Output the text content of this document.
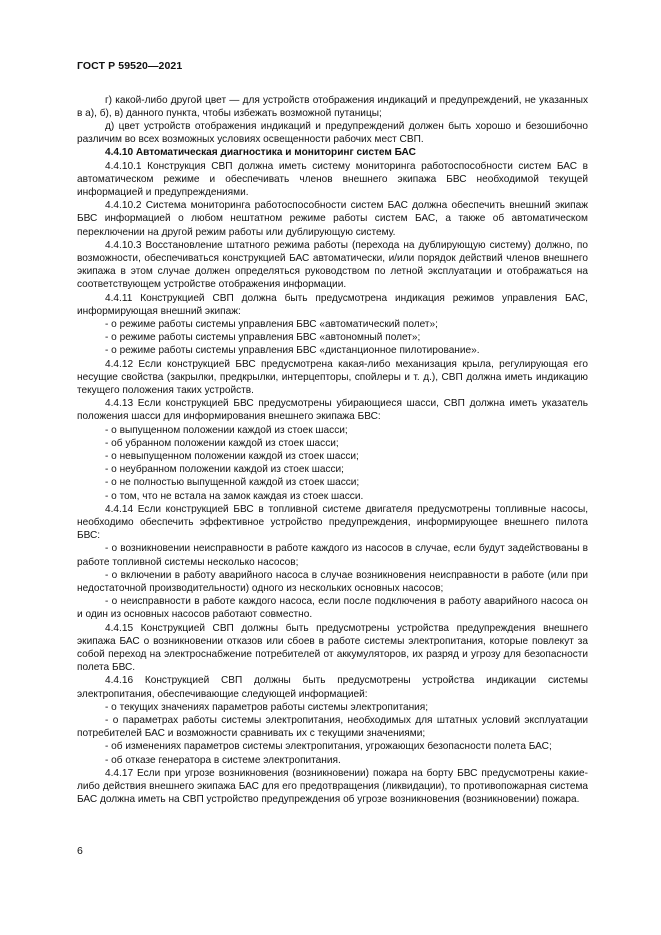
ГОСТ Р 59520—2021

г) какой-либо другой цвет — для устройств отображения индикаций и предупреждений, не указанных в а), б), в) данного пункта, чтобы избежать возможной путаницы;

д) цвет устройств отображения индикаций и предупреждений должен быть хорошо и безошибочно различим во всех возможных условиях освещенности рабочих мест СВП.

4.4.10 Автоматическая диагностика и мониторинг систем БАС

4.4.10.1 Конструкция СВП должна иметь систему мониторинга работоспособности систем БАС в автоматическом режиме и обеспечивать членов внешнего экипажа БВС необходимой текущей информацией и предупреждениями.

4.4.10.2 Система мониторинга работоспособности систем БАС должна обеспечить внешний экипаж БВС информацией о любом нештатном режиме работы систем БАС, а также об автоматическом переключении на другой режим работы или дублирующую систему.

4.4.10.3 Восстановление штатного режима работы (перехода на дублирующую систему) должно, по возможности, обеспечиваться конструкцией БАС автоматически, и/или порядок действий членов внешнего экипажа в этом случае должен определяться руководством по летной эксплуатации и отображаться на соответствующем устройстве отображения информации.

4.4.11 Конструкцией СВП должна быть предусмотрена индикация режимов управления БАС, информирующая внешний экипаж:

- о режиме работы системы управления БВС «автоматический полет»;

- о режиме работы системы управления БВС «автономный полет»;

- о режиме работы системы управления БВС «дистанционное пилотирование».

4.4.12 Если конструкцией БВС предусмотрена какая-либо механизация крыла, регулирующая его несущие свойства (закрылки, предкрылки, интерцепторы, спойлеры и т. д.), СВП должна иметь индикацию текущего положения таких устройств.

4.4.13 Если конструкцией БВС предусмотрены убирающиеся шасси, СВП должна иметь указатель положения шасси для информирования внешнего экипажа БВС:

- о выпущенном положении каждой из стоек шасси;

- об убранном положении каждой из стоек шасси;

- о невыпущенном положении каждой из стоек шасси;

- о неубранном положении каждой из стоек шасси;

- о не полностью выпущенной каждой из стоек шасси;

- о том, что не встала на замок каждая из стоек шасси.

4.4.14 Если конструкцией БВС в топливной системе двигателя предусмотрены топливные насосы, необходимо обеспечить эффективное устройство предупреждения, информирующее внешнего пилота БВС:

- о возникновении неисправности в работе каждого из насосов в случае, если будут задействованы в работе топливной системы несколько насосов;

- о включении в работу аварийного насоса в случае возникновения неисправности в работе (или при недостаточной производительности) одного из нескольких основных насосов;

- о неисправности в работе каждого насоса, если после подключения в работу аварийного насоса он и один из основных насосов работают совместно.

4.4.15 Конструкцией СВП должны быть предусмотрены устройства предупреждения внешнего экипажа БАС о возникновении отказов или сбоев в работе системы электропитания, которые повлекут за собой переход на электроснабжение потребителей от аккумуляторов, их разряд и угрозу для безопасности полета БВС.

4.4.16 Конструкцией СВП должны быть предусмотрены устройства индикации системы электропитания, обеспечивающие следующей информацией:

- о текущих значениях параметров работы системы электропитания;

- о параметрах работы системы электропитания, необходимых для штатных условий эксплуатации потребителей БАС и возможности сравнивать их с текущими значениями;

- об изменениях параметров системы электропитания, угрожающих безопасности полета БАС;

- об отказе генератора в системе электропитания.

4.4.17 Если при угрозе возникновения (возникновении) пожара на борту БВС предусмотрены какие-либо действия внешнего экипажа БАС для его предотвращения (ликвидации), то противопожарная система БАС должна иметь на СВП устройство предупреждения об угрозе возникновения (возникновении) пожара.

6
